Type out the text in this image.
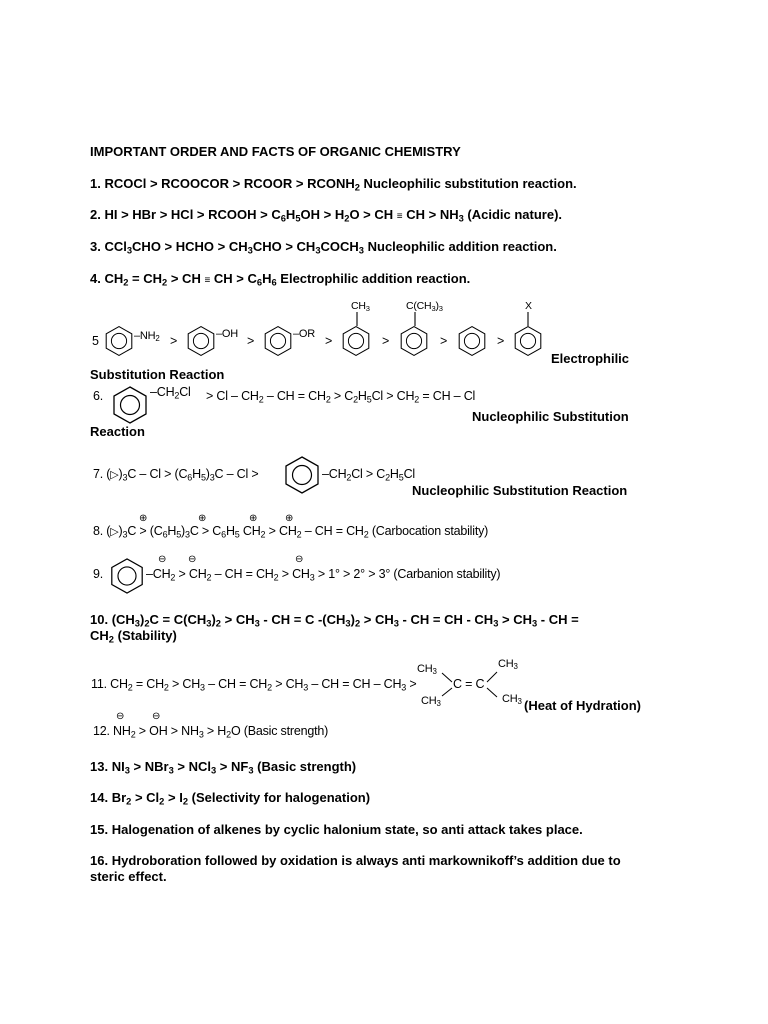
IMPORTANT ORDER AND FACTS OF ORGANIC CHEMISTRY
1. RCOCl > RCOOCOR > RCOOR > $RCONH_2$ Nucleophilic substitution reaction.
2. HI > HBr > HCl > RCOOH > $C_6H_5OH > H_2O$ > CH ≡ CH > $NH_3$ (Acidic nature).
3. CCl$_3$CHO > HCHO > $CH_3CHO$ > $CH_3COCH_3$ Nucleophilic addition reaction.
4. $CH_2 = CH_2$ > CH ≡ CH > $C_6H_6$ Electrophilic addition reaction.
5	$-NH_2$ >	–OH >	–OR >
$CH_3$
>
$C(CH_3)_3$
>	>
X
Electrophilic
Substitution Reaction
6.	$-CH_2Cl > Cl - CH_2$ – CH = $CH_2 > C_2H_5Cl > CH_2$ = CH – Cl
Nucleophilic Substitution
Reaction
7. $(▷)_3C - Cl > (C_6H_5)_3C - Cl$ >	$-CH_2Cl > C_2H_5Cl$
Nucleophilic Substitution Reaction
⊕	⊕	⊕	⊕
8. $(▷)_3C > (C_6H_5)_3C > C_6H_5$ $CH_2 > CH_2$ – CH = $CH_2$ (Carbocation stability)
⊖ ⊖	⊖
9.	$-CH_2 > CH_2$ – CH = $CH_2 > CH_3 > 1^\circ > 2^\circ > 3^\circ$ (Carbanion stability)
10. $(CH_3)_2C = C(CH_3)_2 > CH_3$ - CH = C $-(CH_3)_2 > CH_3$ - CH = CH - $CH_3 > CH_3$ - CH =
$CH_2$ (Stability)
11. $CH_2 = CH_2 > CH_3$ – CH = $CH_2 > CH_3$ – CH = CH – $CH_3$ >
$CH_3$
$CH_3$
$CH_3$
$CH_3$
C = C
(Heat of Hydration)
⊖	⊖
12. $NH_2$ > OH > $NH_3 > H_2O$ (Basic strength)
13. $NI_3 > NBr_3 > NCl_3 > NF_3$ (Basic strength)
14. $Br_2 > Cl_2 > I_2$ (Selectivity for halogenation)
15. Halogenation of alkenes by cyclic halonium state, so anti attack takes place.
16. Hydroboration followed by oxidation is always anti markownikoff’s addition due to
steric effect.
